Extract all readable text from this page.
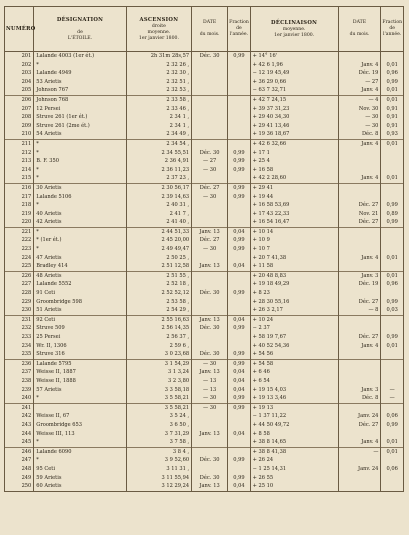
NUMÉRO	DÉSIGNATION

de
L'ÉTOILE.	ASCENSION
droite
moyenne.
1er janvier 1800.	DATE

du mois.	Fraction de l'année.	DÉCLINAISON
moyenne.
1er janvier 1800.	DATE

du mois.	Fraction de l'année.
201	Lalande 4003 (1er ét.)	2h 31m 28s,57	Déc. 30	0,99	+ 14° 16'		
202	*	2 32 26 ,			+ 42 6 1,96	Janv. 4	0,01
203	Lalande 4949	2 32 30 ,			− 12 19 45,49	Déc. 19	0,96
204	53 Arietis	2 32 51 ,			+ 36 29 0,66	— 27	0,99
205	Johnson 767	2 32 53 ,			− 63 7 32,71	Janv. 4	0,01
206	Johnson 768	2 33 58 ,			+ 42 7 24,15	— 4	0,01
207	12 Persei	2 33 46 ,			+ 39 37 31,23	Nov. 30	0,91
208	Struve 261 (1er ét.)	2 34 1 ,			+ 29 40 34,30	— 30	0,91
209	Struve 261 (2me ét.)	2 34 1 ,			+ 29 41 13,46	— 30	0,91
210	54 Arietis	2 34 49 ,			+ 19 36 18,67	Déc. 8	0,93
211	*	2 34 54 ,			+ 42 6 32,66	Janv. 4	0,01
212	*	2 34 55,51	Déc. 30	0,99	+ 17 1		
213	B. F. 350	2 36 4,91	— 27	0,99	+ 25 4		
214	*	2 36 11,23	— 30	0,99	+ 16 58		
215	*	2 37 23 ,			+ 42 2 28,60	Janv. 4	0,01
216	30 Arietis	2 30 56,17	Déc. 27	0,99	+ 29 41		
217	Lalande 5106	2 39 14,63	— 30	0,99	+ 19 44		
218	*	2 40 31 ,			+ 16 58 53,69	Déc. 27	0,99
219	40 Arietis	2 41 7 ,			+ 17 43 22,33	Nov. 21	0,89
220	42 Arietis	2 41 40 ,			+ 16 54 16,47	Déc. 27	0,99
221	*	2 44 51,33	Janv. 13	0,04	+ 10 14		
222	* (1er ét.)	2 45 20,00	Déc. 27	0,99	+ 10 9		
223	*	2 49 49,47	— 30	0,99	+ 10 7		
224	47 Arietis	2 50 25 ,			+ 20 7 41,38	Janv. 4	0,01
225	Bradley 414	2 51 12,58	Janv. 13	0,04	+ 11 58		
226	48 Arietis	2 51 55 ,			+ 20 48 8,83	Janv. 3	0,01
227	Lalande 5552	2 52 18 ,			+ 19 18 49,29	Déc. 19	0,96
228	91 Ceti	2 52 52,12	Déc. 30	0,99	+ 8 23		
229	Groombridge 598	2 53 58 ,			+ 28 30 55,16	Déc. 27	0,99
230	51 Arietis	2 54 29 ,			+ 26 3 2,17	— 8	0,03
231	92 Ceti	2 55 16,63	Janv. 13	0,04	+ 10 24		
232	Struve 509	2 56 14,35	Déc. 30	0,99	− 2 37		
233	25 Persei	2 56 37 ,			+ 58 19 7,67	Déc. 27	0,99
234	Wr. II, 1306	2 59 6 ,			+ 40 52 54,36	Janv. 4	0,01
235	Struve 316	3 0 23,68	Déc. 30	0,99	+ 54 56		
236	Lalande 5795	3 1 54,29	— 30	0,99	+ 54 58		
237	Weisse II, 1887	3 1 3,24	Janv. 13	0,04	+ 6 46		
238	Weisse II, 1888	3 2 3,80	— 13	0,04	+ 6 54		
239	57 Arietis	3 3 58,18	— 13	0,04	+ 19 15 4,03	Janv. 3	—
240	*	3 5 58,21	— 30	0,99	+ 19 13 3,46	Déc. 8	—
241		3 5 58,21	— 30	0,99	+ 19 13		
242	Weisse II, 67	3 5 24 ,			− 1 37 11,22	Janv. 24	0,06
243	Groombridge 653	3 6 50 ,			+ 44 50 49,72	Déc. 27	0,99
244	Weisse III, 113	3 7 31,29	Janv. 13	0,04	+ 8 58		
245	*	3 7 58 ,			+ 38 8 14,65	Janv. 4	0,01
246	Lalande 6090	3 8 4 ,			+ 38 8 41,38	—	0,01
247	*	3 9 52,60	Déc. 30	0,99	+ 26 24		
248	95 Ceti	3 11 31 ,			− 1 25 14,31	Janv. 24	0,06
249	59 Arietis	3 11 55,94	Déc. 30	0,99	+ 26 55		
250	60 Arietis	3 12 29,24	Janv. 13	0,04	+ 25 10		
